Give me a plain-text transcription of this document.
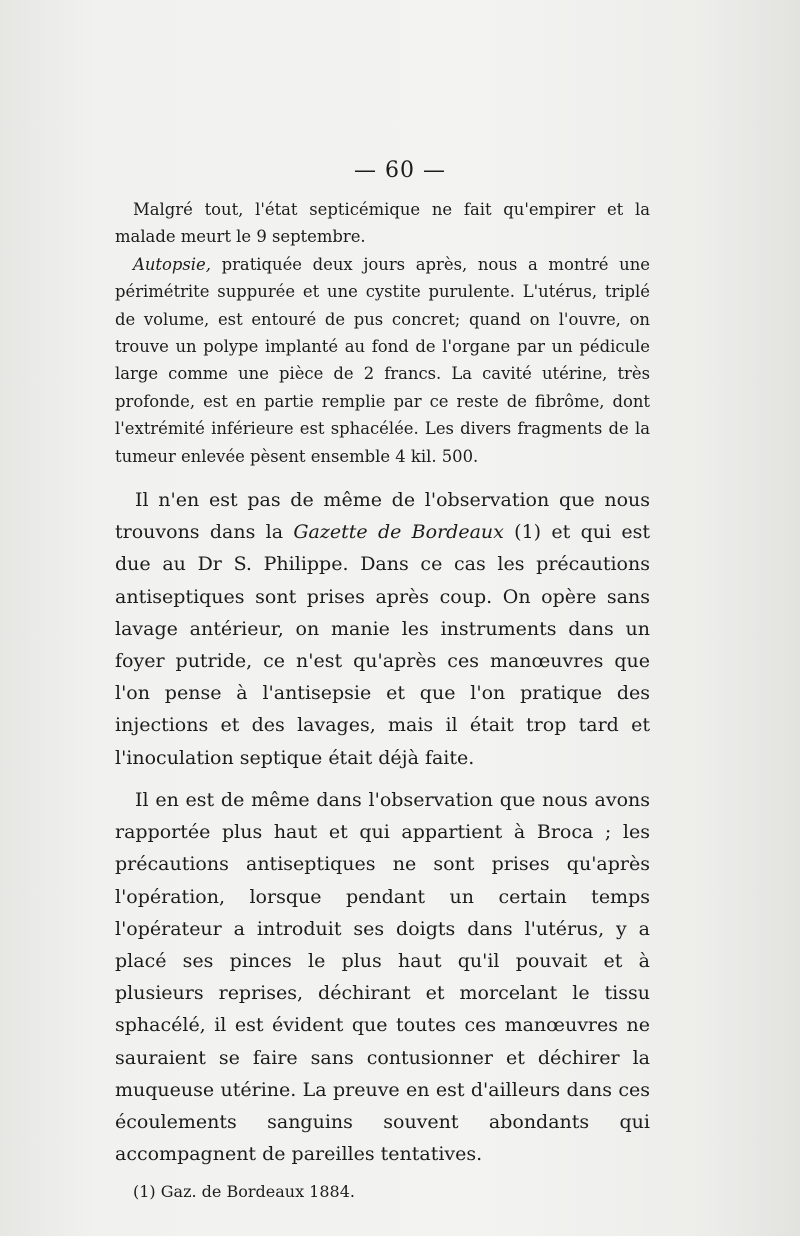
— 60 —

Malgré tout, l'état septicémique ne fait qu'empirer et la malade meurt le 9 septembre.

Autopsie, pratiquée deux jours après, nous a montré une périmétrite suppurée et une cystite purulente. L'utérus, triplé de volume, est entouré de pus concret; quand on l'ouvre, on trouve un polype implanté au fond de l'organe par un pédicule large comme une pièce de 2 francs. La cavité utérine, très profonde, est en partie remplie par ce reste de fibrôme, dont l'extrémité inférieure est sphacélée. Les divers fragments de la tumeur enlevée pèsent ensemble 4 kil. 500.

Il n'en est pas de même de l'observation que nous trouvons dans la Gazette de Bordeaux (1) et qui est due au Dr S. Philippe. Dans ce cas les précautions antiseptiques sont prises après coup. On opère sans lavage antérieur, on manie les instruments dans un foyer putride, ce n'est qu'après ces manœuvres que l'on pense à l'antisepsie et que l'on pratique des injections et des lavages, mais il était trop tard et l'inoculation septique était déjà faite.

Il en est de même dans l'observation que nous avons rapportée plus haut et qui appartient à Broca ; les précautions antiseptiques ne sont prises qu'après l'opération, lorsque pendant un certain temps l'opérateur a introduit ses doigts dans l'utérus, y a placé ses pinces le plus haut qu'il pouvait et à plusieurs reprises, déchirant et morcelant le tissu sphacélé, il est évident que toutes ces manœuvres ne sauraient se faire sans contusionner et déchirer la muqueuse utérine. La preuve en est d'ailleurs dans ces écoulements sanguins souvent abondants qui accompagnent de pareilles tentatives.

(1) Gaz. de Bordeaux 1884.
